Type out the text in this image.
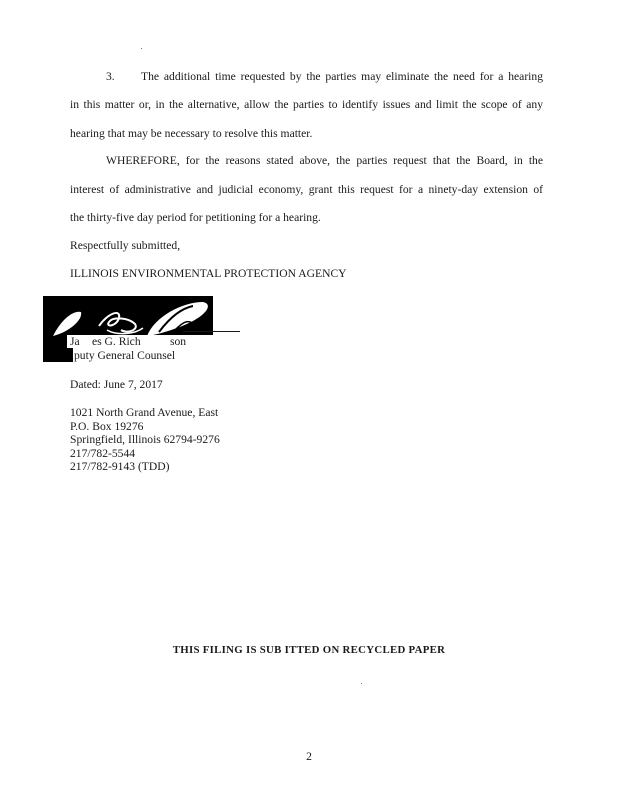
3. The additional time requested by the parties may eliminate the need for a hearing
in this matter or, in the alternative, allow the parties to identify issues and limit the scope of any
hearing that may be necessary to resolve this matter.
WHEREFORE, for the reasons stated above, the parties request that the Board, in the
interest of administrative and judicial economy, grant this request for a ninety-day extension of
the thirty-five day period for petitioning for a hearing.
Respectfully submitted,
ILLINOIS ENVIRONMENTAL PROTECTION AGENCY
Ja es G. Rich	son
puty General Counsel
Dated: June 7, 2017
1021 North Grand Avenue, East
P.O. Box 19276
Springfield, Illinois 62794-9276
217/782-5544
217/782-9143 (TDD)
THIS FILING IS SUB ITTED ON RECYCLED PAPER
2
